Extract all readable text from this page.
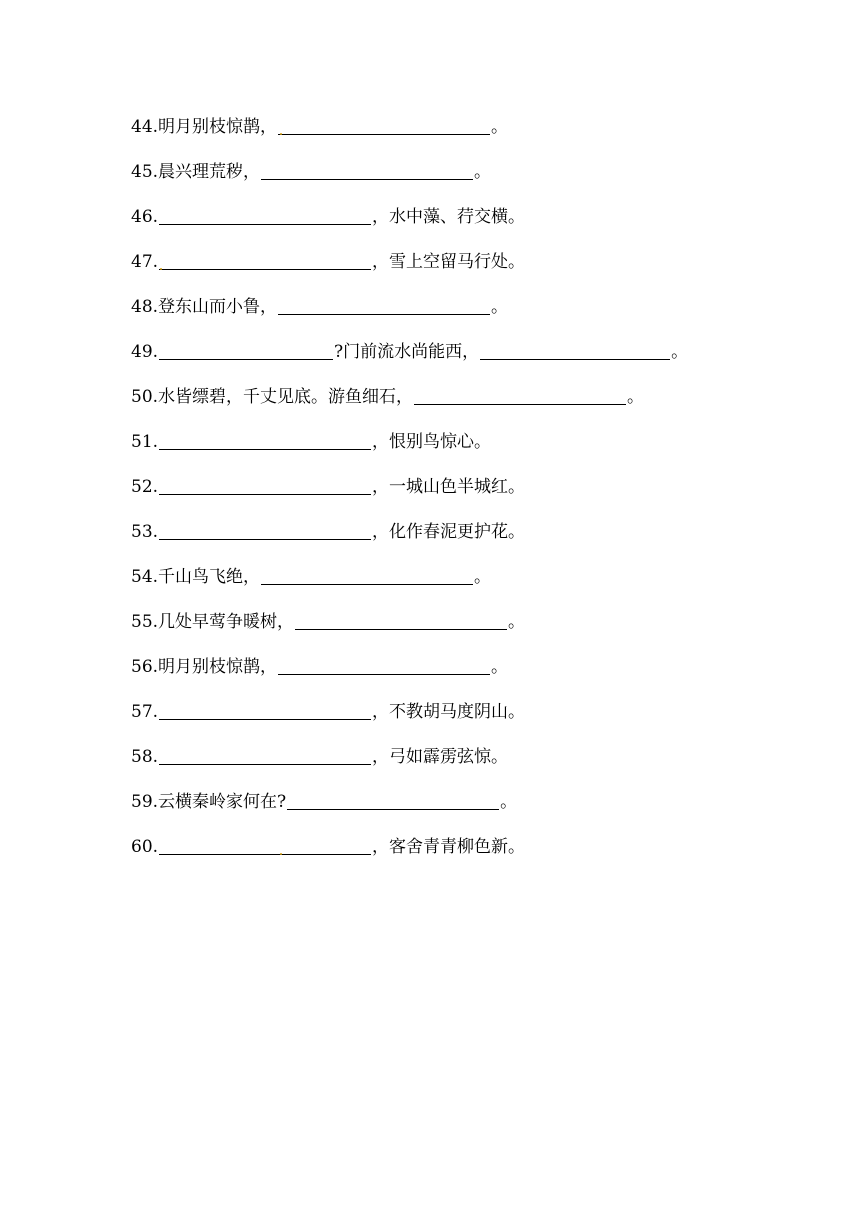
44. 明月别枝惊鹊，	。
45. 晨兴理荒秽，	。
46.	，水中藻、荇交横。
47.	，雪上空留马行处。
48. 登东山而小鲁，	。
49.	?门前流水尚能西，	。
50. 水皆缥碧，千丈见底。游鱼细石，	。
51.	，恨别鸟惊心。
52.	，一城山色半城红。
53.	，化作春泥更护花。
54. 千山鸟飞绝，	。
55. 几处早莺争暖树，	。
56. 明月别枝惊鹊，	。
57.	，不教胡马度阴山。
58.	，弓如霹雳弦惊。
59. 云横秦岭家何在?	。
60.	，客舍青青柳色新。
